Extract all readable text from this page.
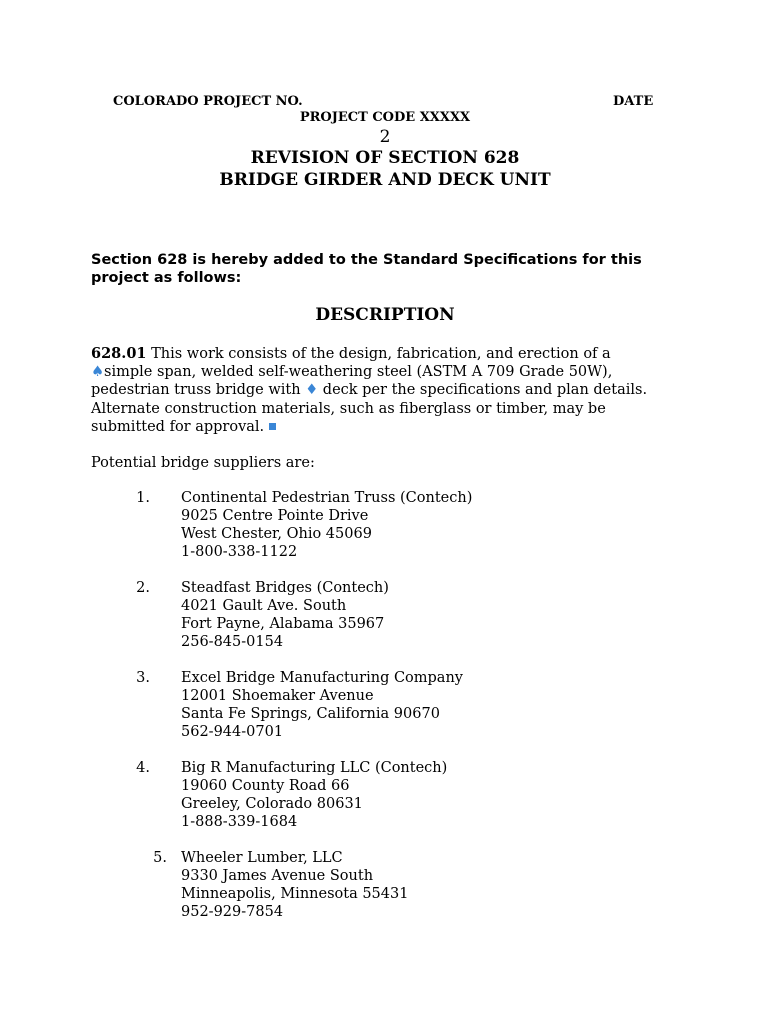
COLORADO PROJECT NO.	DATE
PROJECT CODE XXXXX
2
REVISION OF SECTION 628
BRIDGE GIRDER AND DECK UNIT
Section 628 is hereby added to the Standard Specifications for this
project as follows:
DESCRIPTION
628.01 This work consists of the design, fabrication, and erection of a
♠simple span, welded self-weathering steel (ASTM A 709 Grade 50W),
pedestrian truss bridge with ♦ deck per the specifications and plan details.
Alternate construction materials, such as fiberglass or timber, may be
submitted for approval.
Potential bridge suppliers are:
1. Continental Pedestrian Truss (Contech)
9025 Centre Pointe Drive
West Chester, Ohio 45069
1-800-338-1122
2. Steadfast Bridges (Contech)
4021 Gault Ave. South
Fort Payne, Alabama 35967
256-845-0154
3. Excel Bridge Manufacturing Company
12001 Shoemaker Avenue
Santa Fe Springs, California 90670
562-944-0701
4. Big R Manufacturing LLC (Contech)
19060 County Road 66
Greeley, Colorado 80631
1-888-339-1684
5. Wheeler Lumber, LLC
9330 James Avenue South
Minneapolis, Minnesota 55431
952-929-7854
